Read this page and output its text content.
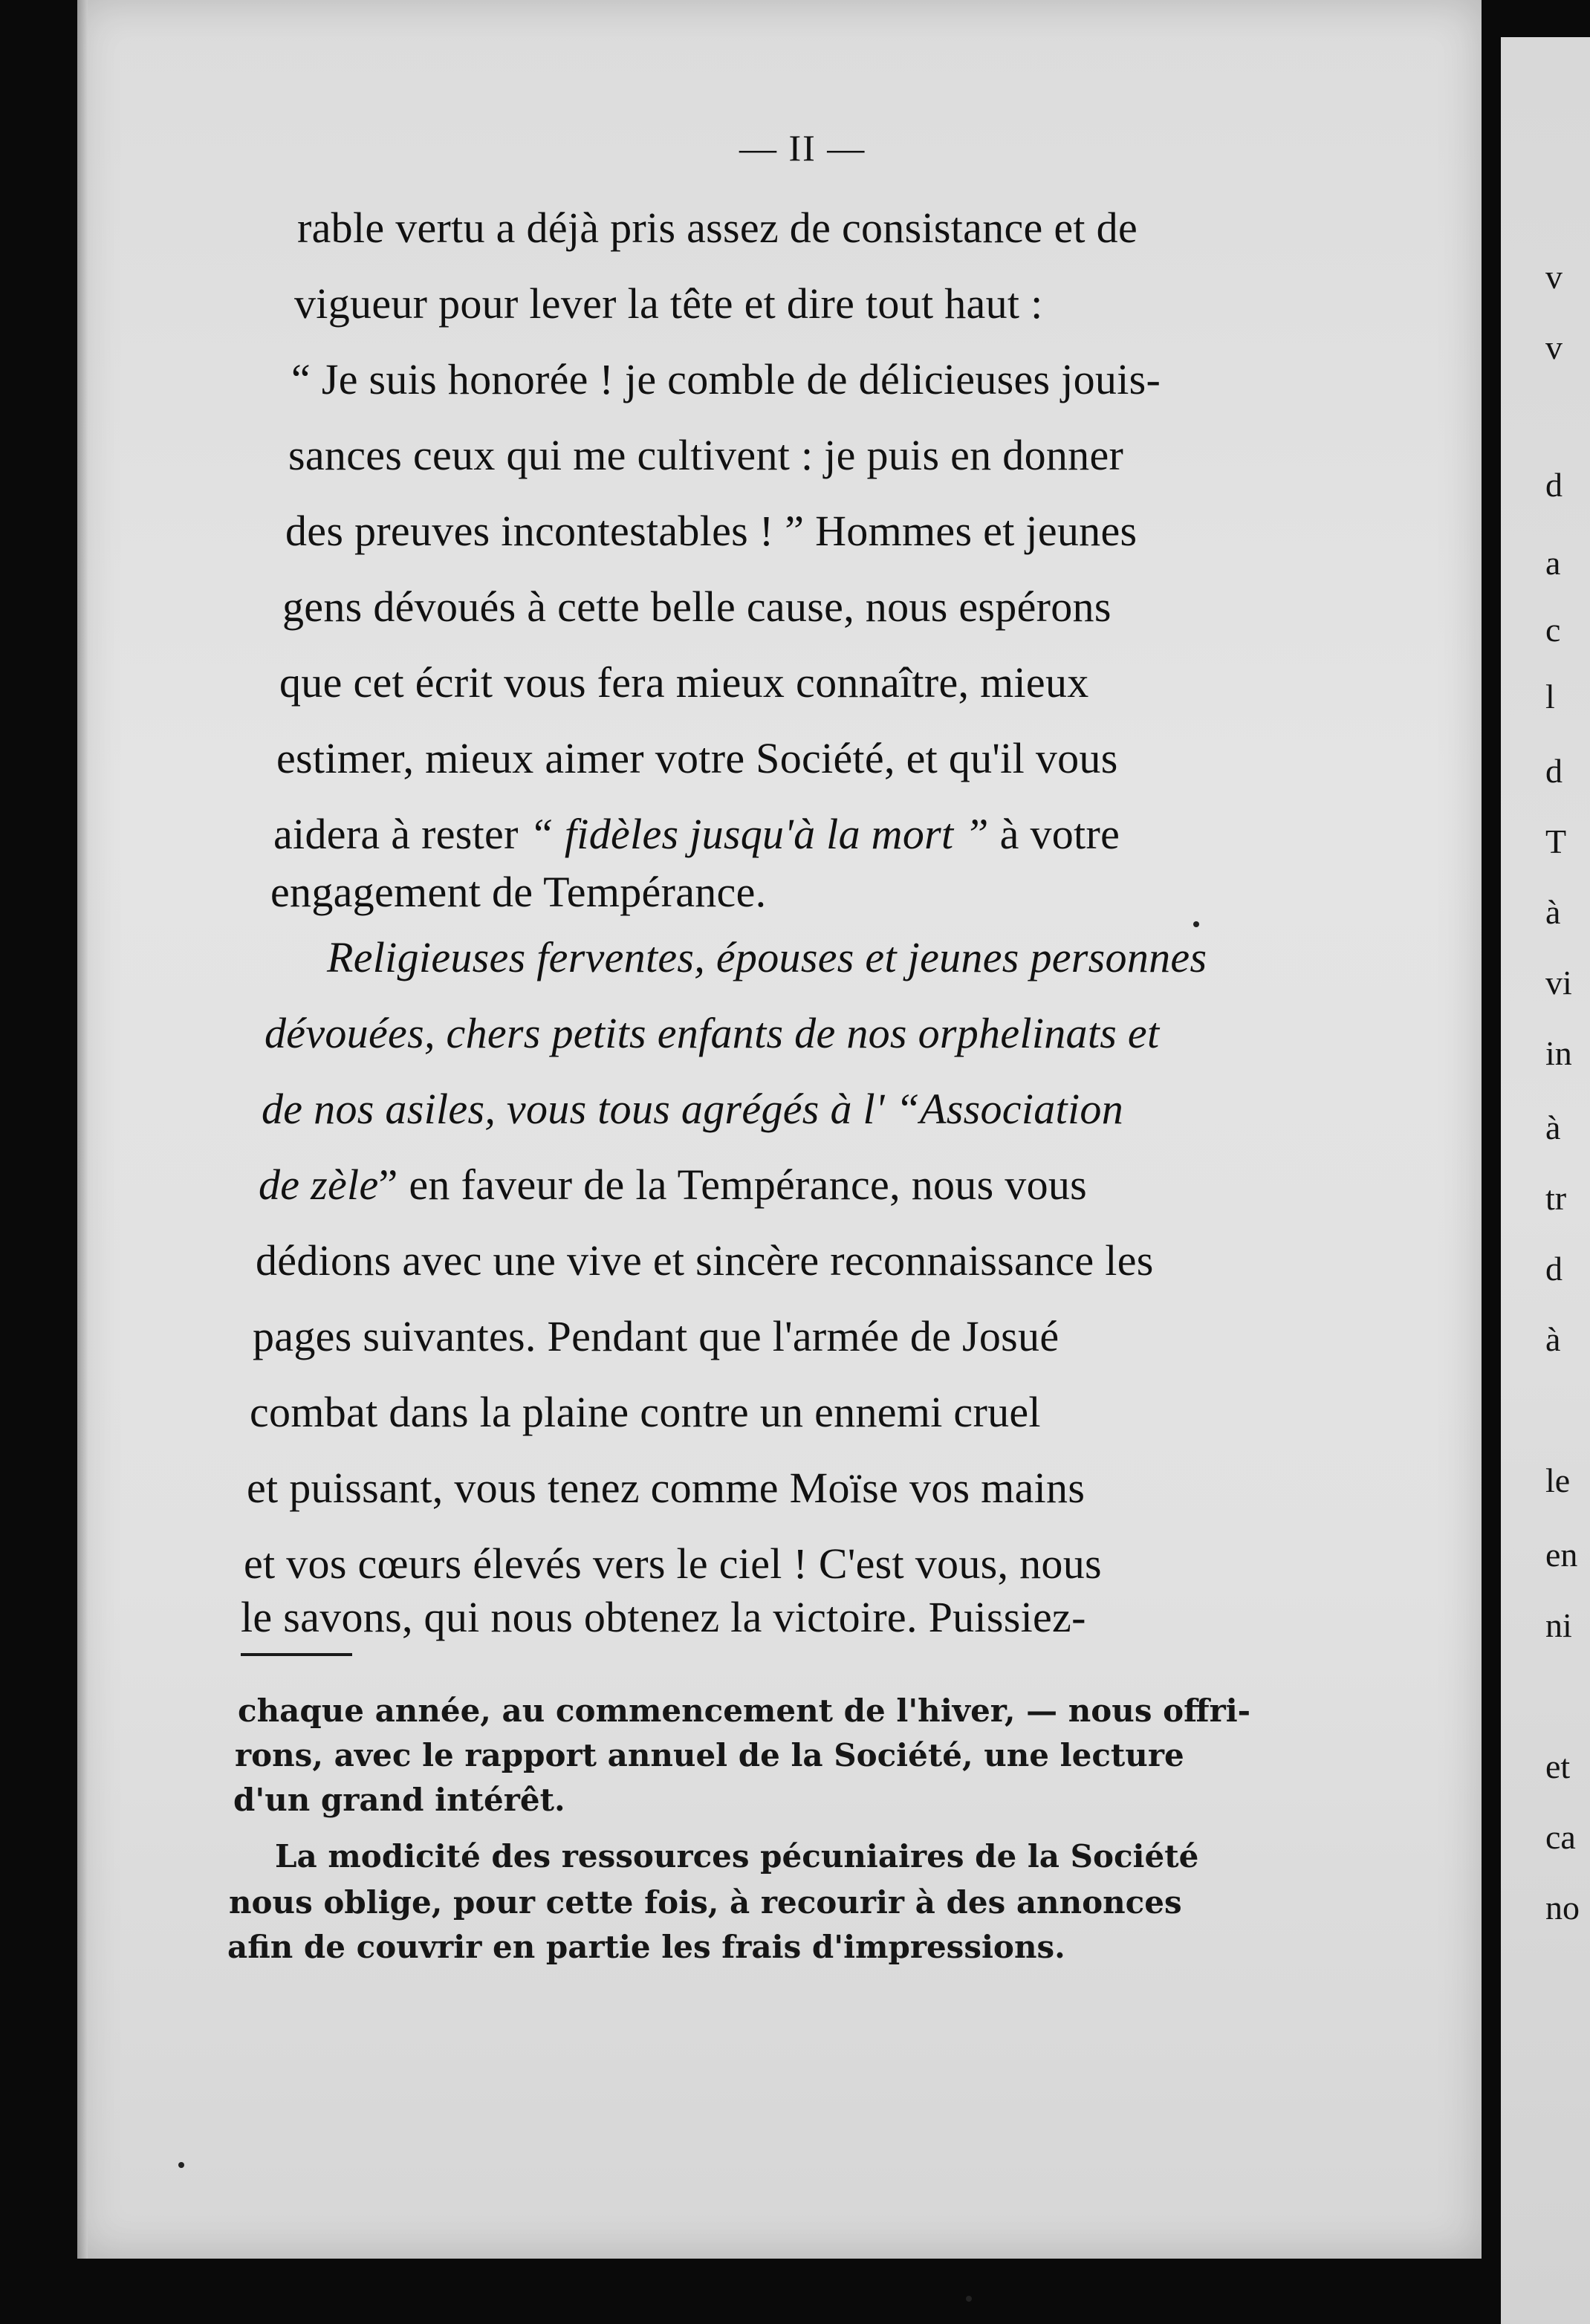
v
v
d
a
c
l
d
T
à
vi
in
à
tr
d
à
le
en
ni
et
ca
no
— II —
rable vertu a déjà pris assez de consistance et de
vigueur pour lever la tête et dire tout haut :
“ Je suis honorée ! je comble de délicieuses jouis-
sances ceux qui me cultivent : je puis en donner
des preuves incontestables ! ” Hommes et jeunes
gens dévoués à cette belle cause, nous espérons
que cet écrit vous fera mieux connaître, mieux
estimer, mieux aimer votre Société, et qu'il vous
aidera à rester “ fidèles jusqu'à la mort ” à votre
engagement de Tempérance.
Religieuses ferventes, épouses et jeunes personnes
dévouées, chers petits enfants de nos orphelinats et
de nos asiles, vous tous agrégés à l' “Association
de zèle” en faveur de la Tempérance, nous vous
dédions avec une vive et sincère reconnaissance les
pages suivantes. Pendant que l'armée de Josué
combat dans la plaine contre un ennemi cruel
et puissant, vous tenez comme Moïse vos mains
et vos cœurs élevés vers le ciel ! C'est vous, nous
le savons, qui nous obtenez la victoire. Puissiez-
chaque année, au commencement de l'hiver, — nous offri-
rons, avec le rapport annuel de la Société, une lecture
d'un grand intérêt.
La modicité des ressources pécuniaires de la Société
nous oblige, pour cette fois, à recourir à des annonces
afin de couvrir en partie les frais d'impressions.
